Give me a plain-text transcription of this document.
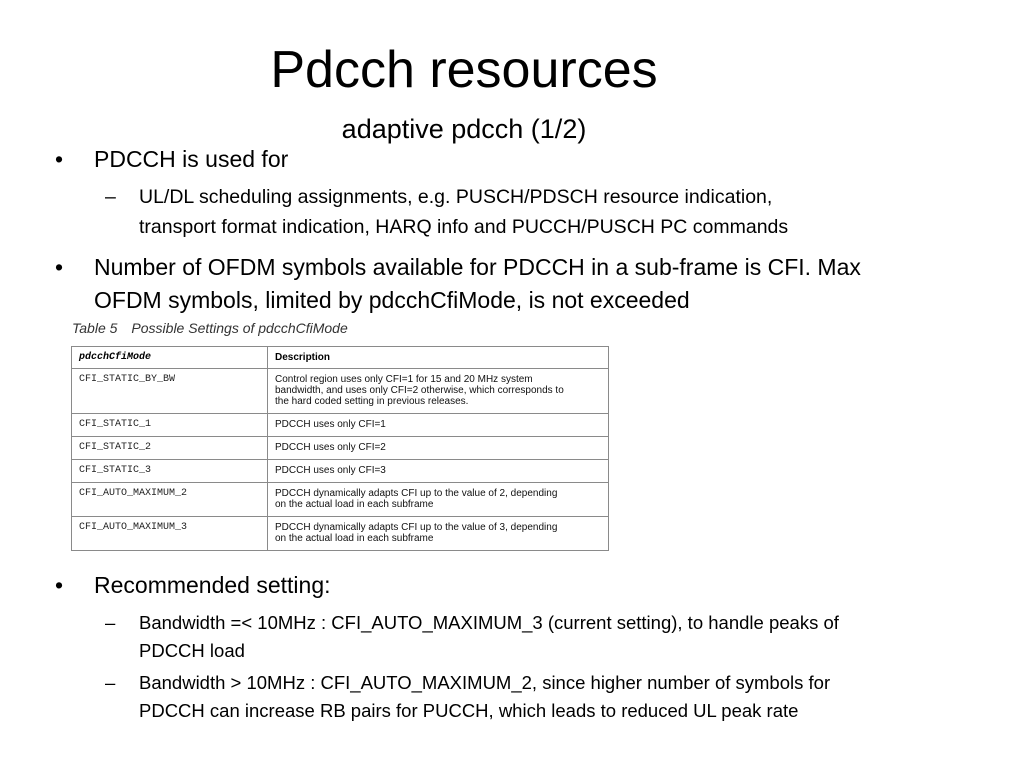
Pdcch resources
adaptive pdcch (1/2)
• PDCCH is used for
– UL/DL scheduling assignments, e.g. PUSCH/PDSCH resource indication,
transport format indication, HARQ info and PUCCH/PUSCH PC commands
• Number of OFDM symbols available for PDCCH in a sub-frame is CFI. Max
OFDM symbols, limited by pdcchCfiMode, is not exceeded
Table 5 Possible Settings of pdcchCfiMode
pdcchCfiMode	Description
CFI_STATIC_BY_BW	Control region uses only CFI=1 for 15 and 20 MHz system
bandwidth, and uses only CFI=2 otherwise, which corresponds to
the hard coded setting in previous releases.

CFI_STATIC_1	PDCCH uses only CFI=1
CFI_STATIC_2	PDCCH uses only CFI=2
CFI_STATIC_3	PDCCH uses only CFI=3
CFI_AUTO_MAXIMUM_2	PDCCH dynamically adapts CFI up to the value of 2, depending
on the actual load in each subframe

CFI_AUTO_MAXIMUM_3	PDCCH dynamically adapts CFI up to the value of 3, depending
on the actual load in each subframe
• Recommended setting:
– Bandwidth =< 10MHz : CFI_AUTO_MAXIMUM_3 (current setting), to handle peaks of
PDCCH load
– Bandwidth > 10MHz : CFI_AUTO_MAXIMUM_2, since higher number of symbols for
PDCCH can increase RB pairs for PUCCH, which leads to reduced UL peak rate
